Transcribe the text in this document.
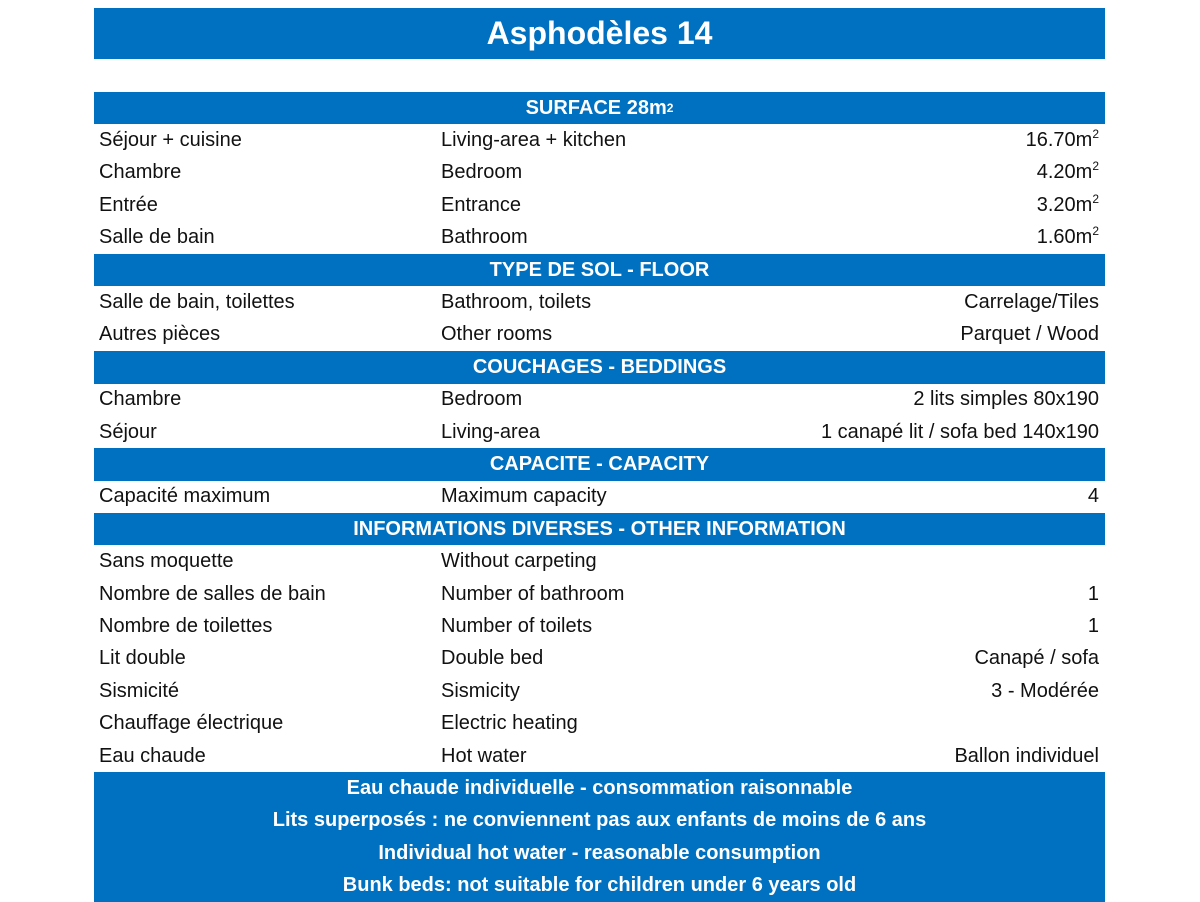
Asphodèles 14
SURFACE 28m 2
Séjour + cuisine	Living-area + kitchen	$16.70m^2$
Chambre	Bedroom	$4.20m^2$
Entrée	Entrance	$3.20m^2$
Salle de bain	Bathroom	$1.60m^2$
TYPE DE SOL - FLOOR
Salle de bain, toilettes	Bathroom, toilets	Carrelage/Tiles
Autres pièces	Other rooms	Parquet / Wood
COUCHAGES - BEDDINGS
Chambre	Bedroom	2 lits simples 80x190
Séjour	Living-area	1 canapé lit / sofa bed 140x190
CAPACITE - CAPACITY
Capacité maximum	Maximum capacity	4
INFORMATIONS DIVERSES - OTHER INFORMATION
Sans moquette	Without carpeting
Nombre de salles de bain	Number of bathroom	1
Nombre de toilettes	Number of toilets	1
Lit double	Double bed	Canapé / sofa
Sismicité	Sismicity	3 - Modérée
Chauffage électrique	Electric heating
Eau chaude	Hot water	Ballon individuel
Eau chaude individuelle - consommation raisonnable
Lits superposés : ne conviennent pas aux enfants de moins de 6 ans
Individual hot water - reasonable consumption
Bunk beds: not suitable for children under 6 years old
